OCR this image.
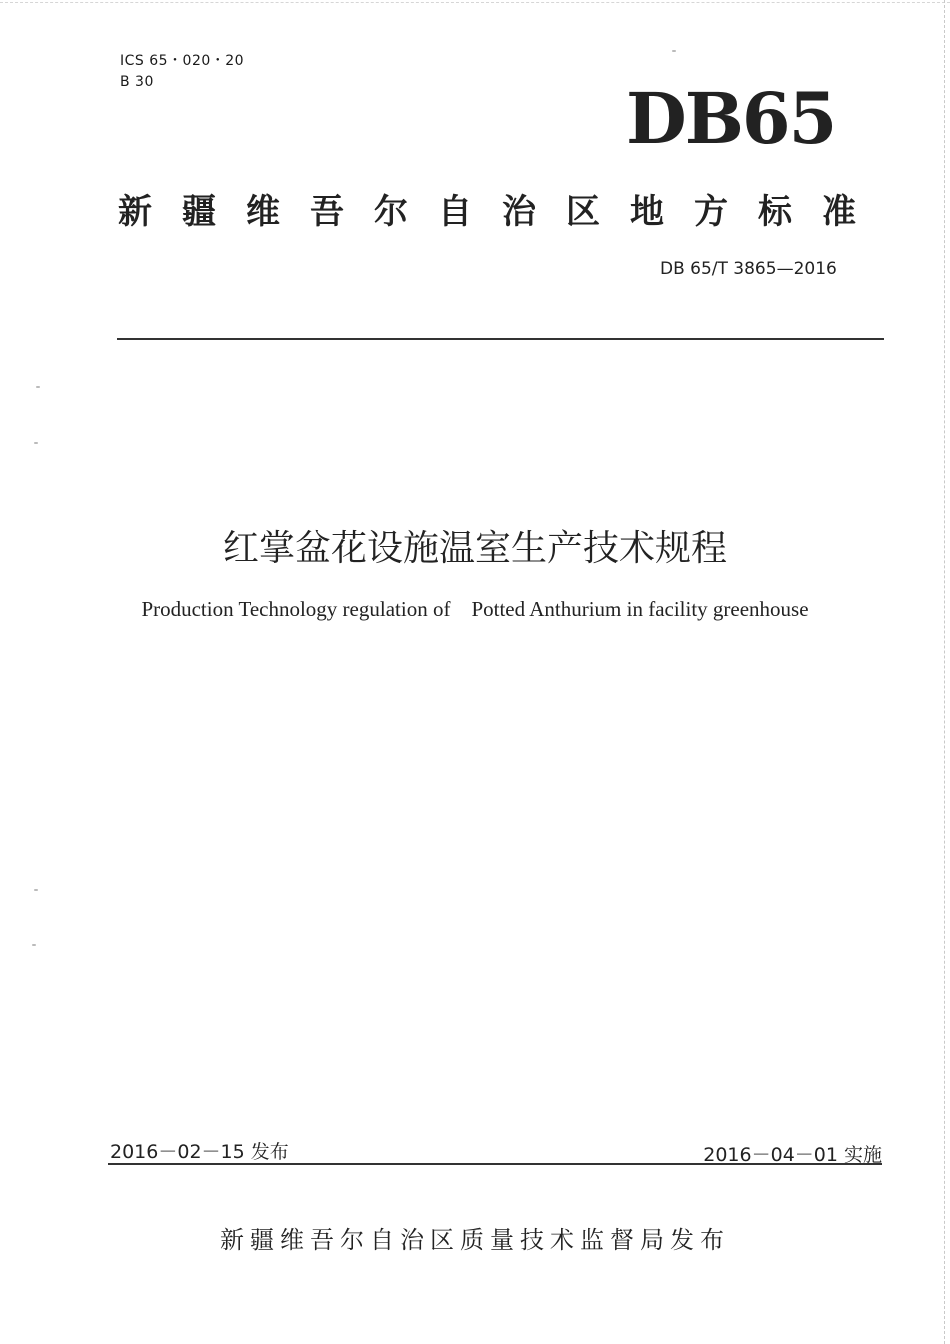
ICS 65・020・20
B 30	DB65
新疆维吾尔自治区地方标准
DB 65/T 3865—2016
红掌盆花设施温室生产技术规程
Production Technology regulation of    Potted Anthurium in facility greenhouse
2016－02－15 发布	2016－04－01 实施
新疆维吾尔自治区质量技术监督局发布
